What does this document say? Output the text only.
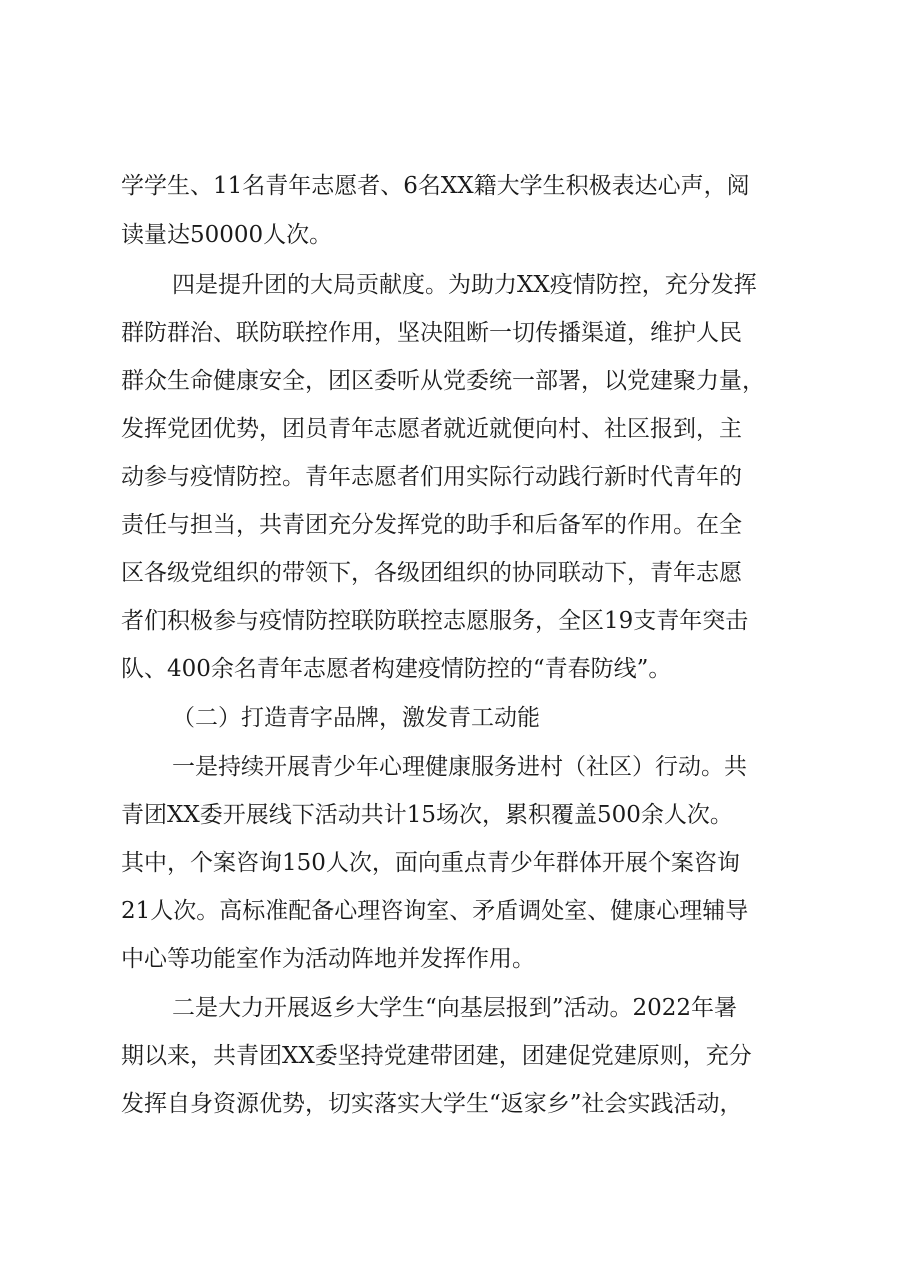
学学生、11名青年志愿者、6名XX籍大学生积极表达心声，阅
读量达50000人次。
四是提升团的大局贡献度。为助力XX疫情防控，充分发挥
群防群治、联防联控作用，坚决阻断一切传播渠道，维护人民
群众生命健康安全，团区委听从党委统一部署，以党建聚力量，
发挥党团优势，团员青年志愿者就近就便向村、社区报到，主
动参与疫情防控。青年志愿者们用实际行动践行新时代青年的
责任与担当，共青团充分发挥党的助手和后备军的作用。在全
区各级党组织的带领下，各级团组织的协同联动下，青年志愿
者们积极参与疫情防控联防联控志愿服务，全区19支青年突击
队、400余名青年志愿者构建疫情防控的“青春防线”。
（二）打造青字品牌，激发青工动能
一是持续开展青少年心理健康服务进村（社区）行动。共
青团XX委开展线下活动共计15场次，累积覆盖500余人次。
其中，个案咨询150人次，面向重点青少年群体开展个案咨询
21人次。高标准配备心理咨询室、矛盾调处室、健康心理辅导
中心等功能室作为活动阵地并发挥作用。
二是大力开展返乡大学生“向基层报到”活动。2022年暑
期以来，共青团XX委坚持党建带团建，团建促党建原则，充分
发挥自身资源优势，切实落实大学生“返家乡”社会实践活动，
